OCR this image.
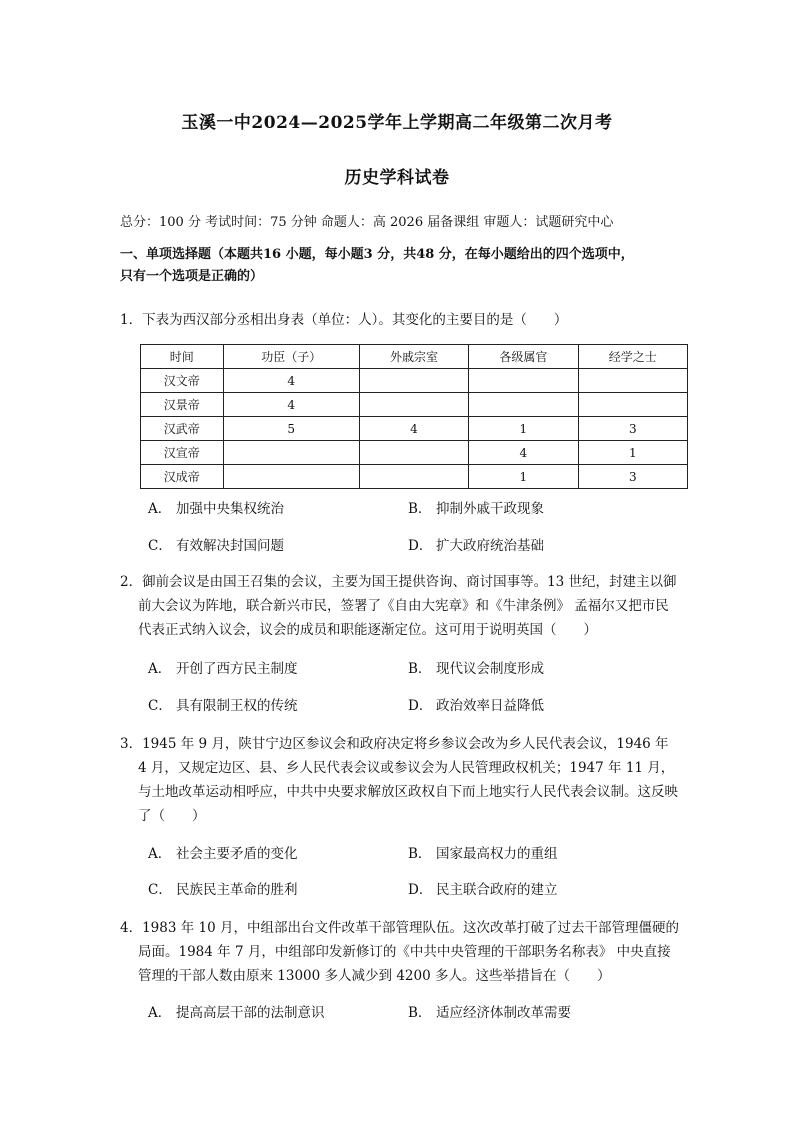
玉溪一中2024—2025学年上学期高二年级第二次月考
历史学科试卷
总分：100 分 考试时间：75 分钟 命题人：高 2026 届备课组 审题人：试题研究中心
一、单项选择题（本题共16 小题，每小题3 分，共48 分，在每小题给出的四个选项中，
只有一个选项是正确的）
1．下表为西汉部分丞相出身表（单位：人）。其变化的主要目的是（　　）
时间	功臣（子）	外戚宗室	各级属官	经学之士
汉文帝	4			
汉景帝	4			
汉武帝	5	4	1	3
汉宣帝			4	1
汉成帝			1	3
A． 加强中央集权统治	B． 抑制外戚干政现象
C． 有效解决封国问题	D． 扩大政府统治基础
2．御前会议是由国王召集的会议，主要为国王提供咨询、商讨国事等。13 世纪，封建主以御前大会议为阵地，联合新兴市民，签署了《自由大宪章》和《牛津条例》 孟福尔又把市民代表正式纳入议会，议会的成员和职能逐渐定位。这可用于说明英国（　　）
A． 开创了西方民主制度	B． 现代议会制度形成
C． 具有限制王权的传统	D． 政治效率日益降低
3．1945 年 9 月，陕甘宁边区参议会和政府决定将乡参议会改为乡人民代表会议，1946 年 4 月，又规定边区、县、乡人民代表会议或参议会为人民管理政权机关；1947 年 11 月，与土地改革运动相呼应，中共中央要求解放区政权自下而上地实行人民代表会议制。这反映了（　　）
A． 社会主要矛盾的变化	B． 国家最高权力的重组
C． 民族民主革命的胜利	D． 民主联合政府的建立
4．1983 年 10 月，中组部出台文件改革干部管理队伍。这次改革打破了过去干部管理僵硬的局面。1984 年 7 月，中组部印发新修订的《中共中央管理的干部职务名称表》 中央直接管理的干部人数由原来 13000 多人减少到 4200 多人。这些举措旨在（　　）
A． 提高高层干部的法制意识	B． 适应经济体制改革需要
